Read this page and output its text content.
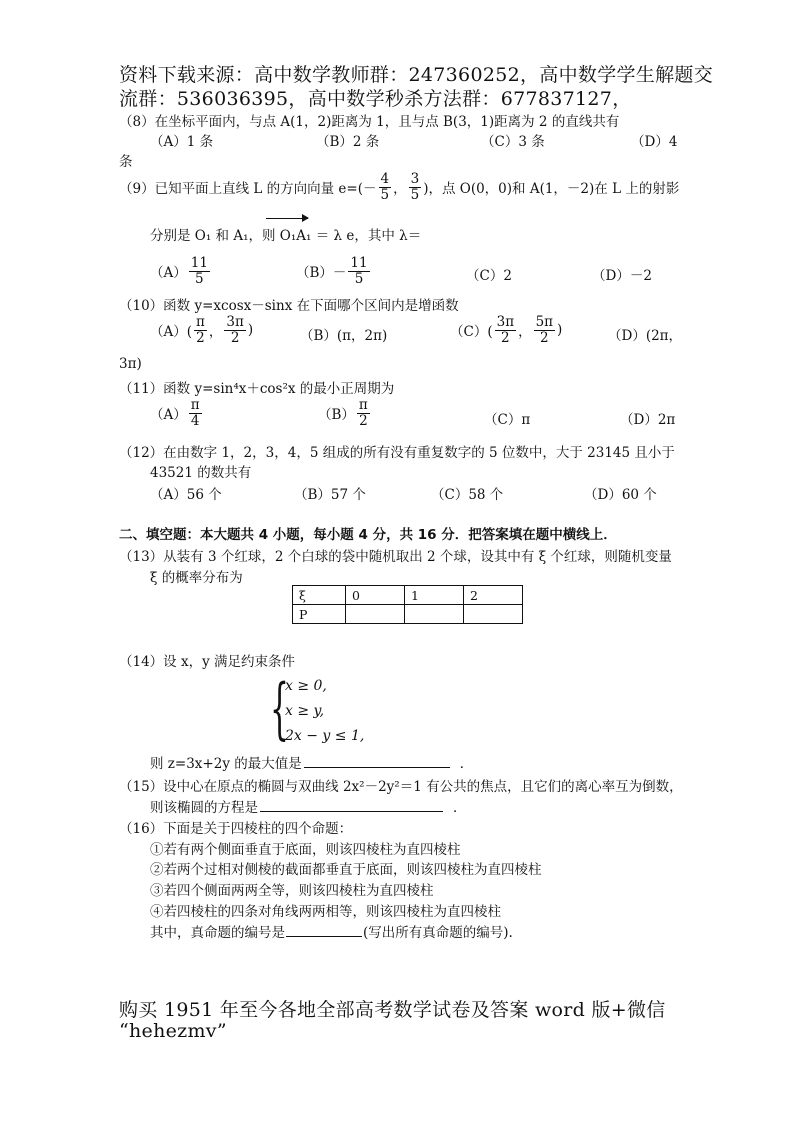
资料下载来源：高中数学教师群：247360252，高中数学学生解题交
流群：536036395，高中数学秒杀方法群：677837127，
（8）在坐标平面内，与点 A(1，2)距离为 1，且与点 B(3，1)距离为 2 的直线共有
（A）1 条	（B）2 条	（C）3 条	（D）4
条
（9）已知平面上直线 L 的方向向量 $e=(- \frac{4}{5}$ ， $\frac{3}{5}$ )，点 O(0，0)和 A(1，－2)在 L 上的射影
分别是 O₁ 和 A₁，则 O₁A₁ ＝ λ e，其中 λ＝
$(A) \frac{11}{5}$	$(B)- \frac{11}{5}$	（C）2	（D）－2
（10）函数 y=xcosx－sinx 在下面哪个区间内是增函数
$(A)( \frac{\pi}{2}$ ， $\frac{3\pi}{2}$ )	（B）(π，2π)	$(C)( \frac{3\pi}{2}$ ， $\frac{5\pi}{2}$ )	（D）(2π，
3π)
（11）函数 y=sin⁴x＋cos²x 的最小正周期为
$(A) \frac{\pi}{4}$	$(B) \frac{\pi}{2}$	（C）π	（D）2π
（12）在由数字 1，2，3，4，5 组成的所有没有重复数字的 5 位数中，大于 23145 且小于
43521 的数共有
（A）56 个	（B）57 个	（C）58 个	（D）60 个
二、填空题：本大题共 4 小题，每小题 4 分，共 16 分．把答案填在题中横线上．
（13）从装有 3 个红球，2 个白球的袋中随机取出 2 个球，设其中有 ξ 个红球，则随机变量
ξ 的概率分布为
ξ	0	1	2
P			
（14）设 x，y 满足约束条件
{
x ≥ 0,
x ≥ y,
2x − y ≤ 1,
则 z=3x+2y 的最大值是	．
（15）设中心在原点的椭圆与双曲线 2x²－2y²＝1 有公共的焦点，且它们的离心率互为倒数，
则该椭圆的方程是	．
（16）下面是关于四棱柱的四个命题：
①若有两个侧面垂直于底面，则该四棱柱为直四棱柱
②若两个过相对侧棱的截面都垂直于底面，则该四棱柱为直四棱柱
③若四个侧面两两全等，则该四棱柱为直四棱柱
④若四棱柱的四条对角线两两相等，则该四棱柱为直四棱柱
其中，真命题的编号是	(写出所有真命题的编号).
购买 1951 年至今各地全部高考数学试卷及答案 word 版+微信
“hehezmv”
